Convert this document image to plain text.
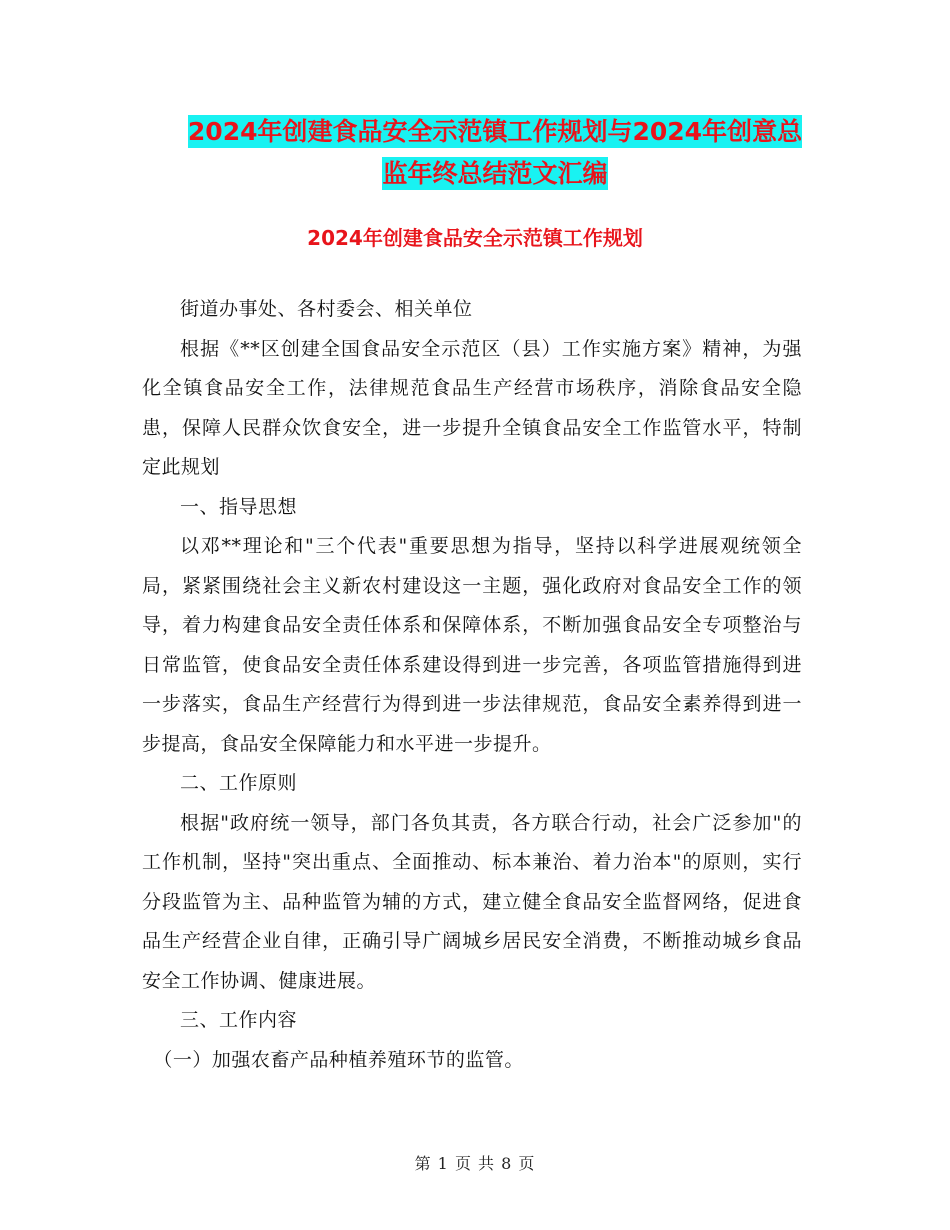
2024年创建食品安全示范镇工作规划与2024年创意总
监年终总结范文汇编
2024年创建食品安全示范镇工作规划

街道办事处、各村委会、相关单位

根据《**区创建全国食品安全示范区（县）工作实施方案》精神，为强化全镇食品安全工作，法律规范食品生产经营市场秩序，消除食品安全隐患，保障人民群众饮食安全，进一步提升全镇食品安全工作监管水平，特制定此规划

一、指导思想

以邓**理论和"三个代表"重要思想为指导，坚持以科学进展观统领全局，紧紧围绕社会主义新农村建设这一主题，强化政府对食品安全工作的领导，着力构建食品安全责任体系和保障体系，不断加强食品安全专项整治与日常监管，使食品安全责任体系建设得到进一步完善，各项监管措施得到进一步落实，食品生产经营行为得到进一步法律规范，食品安全素养得到进一步提高，食品安全保障能力和水平进一步提升。

二、工作原则

根据"政府统一领导，部门各负其责，各方联合行动，社会广泛参加"的工作机制，坚持"突出重点、全面推动、标本兼治、着力治本"的原则，实行分段监管为主、品种监管为辅的方式，建立健全食品安全监督网络，促进食品生产经营企业自律，正确引导广阔城乡居民安全消费，不断推动城乡食品安全工作协调、健康进展。

三、工作内容

（一）加强农畜产品种植养殖环节的监管。

第 1 页 共 8 页
